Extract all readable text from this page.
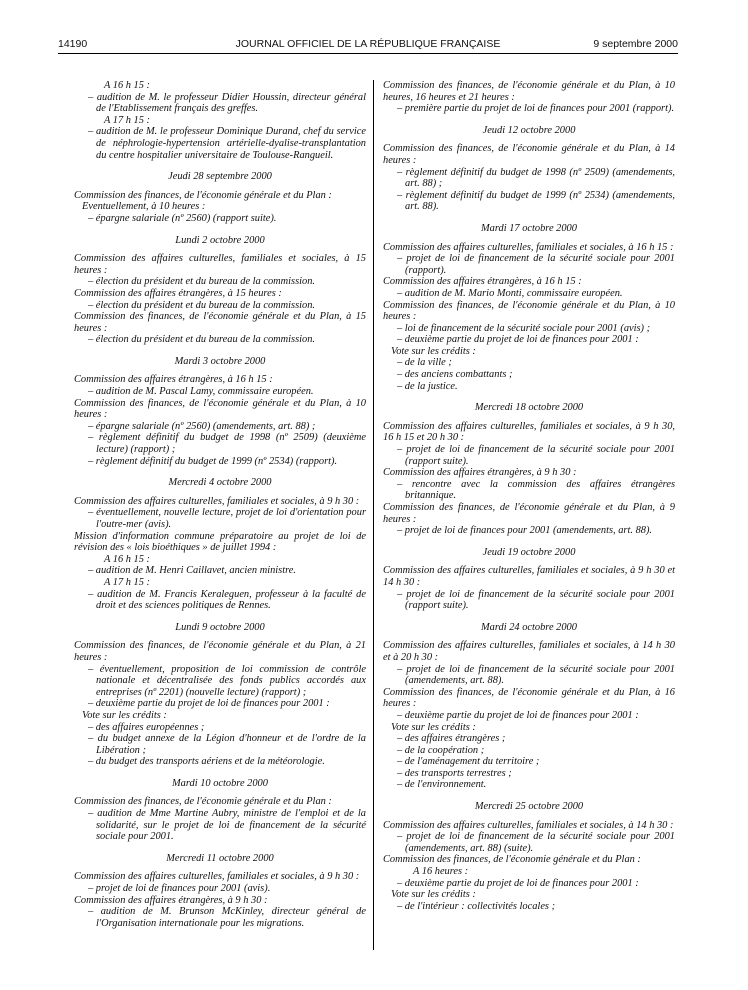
14190	JOURNAL OFFICIEL DE LA RÉPUBLIQUE FRANÇAISE	9 septembre 2000
A 16 h 15 :
– audition de M. le professeur Didier Houssin, directeur général de l'Etablissement français des greffes.
A 17 h 15 :
– audition de M. le professeur Dominique Durand, chef du service de néphrologie-hypertension artérielle-dyalise-transplantation du centre hospitalier universitaire de Toulouse-Rangueil.
Jeudi 28 septembre 2000
Commission des finances, de l'économie générale et du Plan :
Eventuellement, à 10 heures :
– épargne salariale (nº 2560) (rapport suite).
Lundi 2 octobre 2000
Commission des affaires culturelles, familiales et sociales, à 15 heures :
– élection du président et du bureau de la commission.
Commission des affaires étrangères, à 15 heures :
– élection du président et du bureau de la commission.
Commission des finances, de l'économie générale et du Plan, à 15 heures :
– élection du président et du bureau de la commission.
Mardi 3 octobre 2000
Commission des affaires étrangères, à 16 h 15 :
– audition de M. Pascal Lamy, commissaire européen.
Commission des finances, de l'économie générale et du Plan, à 10 heures :
– épargne salariale (nº 2560) (amendements, art. 88) ;
– règlement définitif du budget de 1998 (nº 2509) (deuxième lecture) (rapport) ;
– règlement définitif du budget de 1999 (nº 2534) (rapport).
Mercredi 4 octobre 2000
Commission des affaires culturelles, familiales et sociales, à 9 h 30 :
– éventuellement, nouvelle lecture, projet de loi d'orientation pour l'outre-mer (avis).
Mission d'information commune préparatoire au projet de loi de révision des « lois bioéthiques » de juillet 1994 :
A 16 h 15 :
– audition de M. Henri Caillavet, ancien ministre.
A 17 h 15 :
– audition de M. Francis Keraleguen, professeur à la faculté de droit et des sciences politiques de Rennes.
Lundi 9 octobre 2000
Commission des finances, de l'économie générale et du Plan, à 21 heures :
– éventuellement, proposition de loi commission de contrôle nationale et décentralisée des fonds publics accordés aux entreprises (nº 2201) (nouvelle lecture) (rapport) ;
– deuxième partie du projet de loi de finances pour 2001 :
Vote sur les crédits :
– des affaires européennes ;
– du budget annexe de la Légion d'honneur et de l'ordre de la Libération ;
– du budget des transports aériens et de la météorologie.
Mardi 10 octobre 2000
Commission des finances, de l'économie générale et du Plan :
– audition de Mme Martine Aubry, ministre de l'emploi et de la solidarité, sur le projet de loi de financement de la sécurité sociale pour 2001.
Mercredi 11 octobre 2000
Commission des affaires culturelles, familiales et sociales, à 9 h 30 :
– projet de loi de finances pour 2001 (avis).
Commission des affaires étrangères, à 9 h 30 :
– audition de M. Brunson McKinley, directeur général de l'Organisation internationale pour les migrations.
Commission des finances, de l'économie générale et du Plan, à 10 heures, 16 heures et 21 heures :
– première partie du projet de loi de finances pour 2001 (rapport).
Jeudi 12 octobre 2000
Commission des finances, de l'économie générale et du Plan, à 14 heures :
– règlement définitif du budget de 1998 (nº 2509) (amendements, art. 88) ;
– règlement définitif du budget de 1999 (nº 2534) (amendements, art. 88).
Mardi 17 octobre 2000
Commission des affaires culturelles, familiales et sociales, à 16 h 15 :
– projet de loi de financement de la sécurité sociale pour 2001 (rapport).
Commission des affaires étrangères, à 16 h 15 :
– audition de M. Mario Monti, commissaire européen.
Commission des finances, de l'économie générale et du Plan, à 10 heures :
– loi de financement de la sécurité sociale pour 2001 (avis) ;
– deuxième partie du projet de loi de finances pour 2001 :
Vote sur les crédits :
– de la ville ;
– des anciens combattants ;
– de la justice.
Mercredi 18 octobre 2000
Commission des affaires culturelles, familiales et sociales, à 9 h 30, 16 h 15 et 20 h 30 :
– projet de loi de financement de la sécurité sociale pour 2001 (rapport suite).
Commission des affaires étrangères, à 9 h 30 :
– rencontre avec la commission des affaires étrangères britannique.
Commission des finances, de l'économie générale et du Plan, à 9 heures :
– projet de loi de finances pour 2001 (amendements, art. 88).
Jeudi 19 octobre 2000
Commission des affaires culturelles, familiales et sociales, à 9 h 30 et 14 h 30 :
– projet de loi de financement de la sécurité sociale pour 2001 (rapport suite).
Mardi 24 octobre 2000
Commission des affaires culturelles, familiales et sociales, à 14 h 30 et à 20 h 30 :
– projet de loi de financement de la sécurité sociale pour 2001 (amendements, art. 88).
Commission des finances, de l'économie générale et du Plan, à 16 heures :
– deuxième partie du projet de loi de finances pour 2001 :
Vote sur les crédits :
– des affaires étrangères ;
– de la coopération ;
– de l'aménagement du territoire ;
– des transports terrestres ;
– de l'environnement.
Mercredi 25 octobre 2000
Commission des affaires culturelles, familiales et sociales, à 14 h 30 :
– projet de loi de financement de la sécurité sociale pour 2001 (amendements, art. 88) (suite).
Commission des finances, de l'économie générale et du Plan :
A 16 heures :
– deuxième partie du projet de loi de finances pour 2001 :
Vote sur les crédits :
– de l'intérieur : collectivités locales ;
